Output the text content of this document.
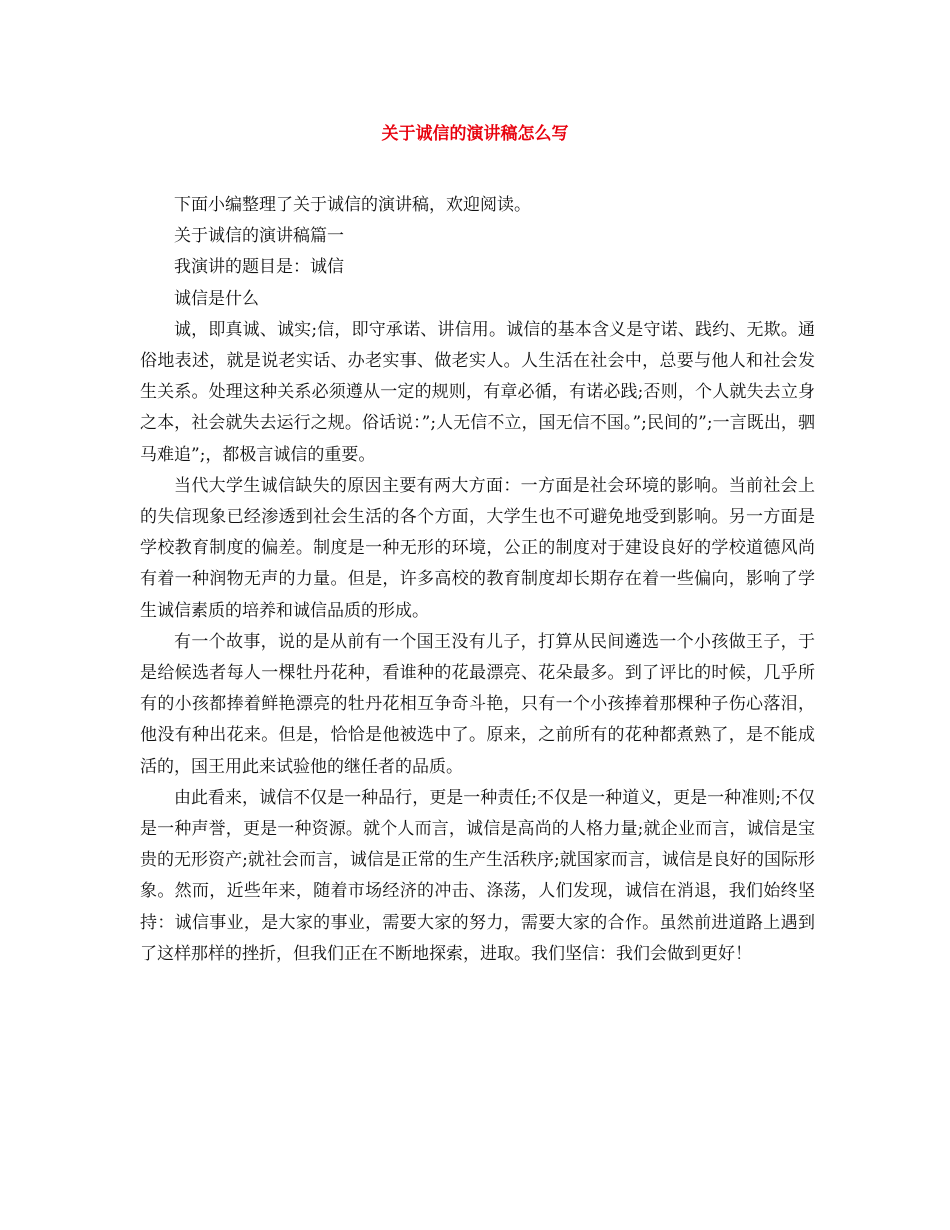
关于诚信的演讲稿怎么写

下面小编整理了关于诚信的演讲稿，欢迎阅读。

关于诚信的演讲稿篇一

我演讲的题目是：诚信

诚信是什么

诚，即真诚、诚实;信，即守承诺、讲信用。诚信的基本含义是守诺、践约、无欺。通俗地表述，就是说老实话、办老实事、做老实人。人生活在社会中，总要与他人和社会发生关系。处理这种关系必须遵从一定的规则，有章必循，有诺必践;否则，个人就失去立身之本，社会就失去运行之规。俗话说：”;人无信不立，国无信不国。”;民间的”;一言既出，驷马难追”;，都极言诚信的重要。

当代大学生诚信缺失的原因主要有两大方面：一方面是社会环境的影响。当前社会上的失信现象已经渗透到社会生活的各个方面，大学生也不可避免地受到影响。另一方面是学校教育制度的偏差。制度是一种无形的环境，公正的制度对于建设良好的学校道德风尚有着一种润物无声的力量。但是，许多高校的教育制度却长期存在着一些偏向，影响了学生诚信素质的培养和诚信品质的形成。

有一个故事，说的是从前有一个国王没有儿子，打算从民间遴选一个小孩做王子，于是给候选者每人一棵牡丹花种，看谁种的花最漂亮、花朵最多。到了评比的时候，几乎所有的小孩都捧着鲜艳漂亮的牡丹花相互争奇斗艳，只有一个小孩捧着那棵种子伤心落泪，他没有种出花来。但是，恰恰是他被选中了。原来，之前所有的花种都煮熟了，是不能成活的，国王用此来试验他的继任者的品质。

由此看来，诚信不仅是一种品行，更是一种责任;不仅是一种道义，更是一种准则;不仅是一种声誉，更是一种资源。就个人而言，诚信是高尚的人格力量;就企业而言，诚信是宝贵的无形资产;就社会而言，诚信是正常的生产生活秩序;就国家而言，诚信是良好的国际形象。然而，近些年来，随着市场经济的冲击、涤荡，人们发现，诚信在消退，我们始终坚持：诚信事业，是大家的事业，需要大家的努力，需要大家的合作。虽然前进道路上遇到了这样那样的挫折，但我们正在不断地探索，进取。我们坚信：我们会做到更好！
